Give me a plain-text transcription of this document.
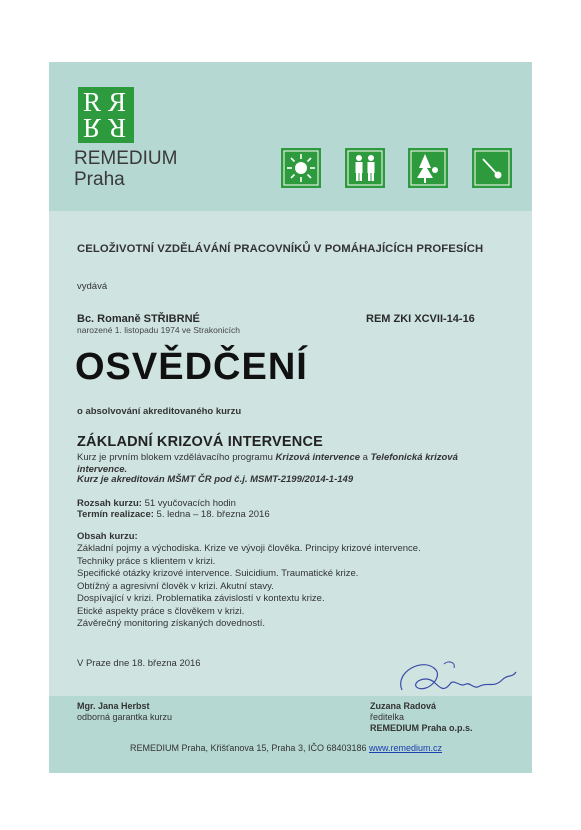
R R
R R
REMEDIUM
Praha
CELOŽIVOTNÍ VZDĚLÁVÁNÍ PRACOVNÍKŮ V POMÁHAJÍCÍCH PROFESÍCH
vydává
Bc. Romaně STŘIBRNÉ
narozené 1. listopadu 1974 ve Strakonicích
REM ZKI XCVII-14-16
OSVĚDČENÍ
o absolvování akreditovaného kurzu
ZÁKLADNÍ KRIZOVÁ INTERVENCE
Kurz je prvním blokem vzdělávacího programu Krizová intervence a Telefonická krizová intervence.
Kurz je akreditován MŠMT ČR pod č.j. MSMT-2199/2014-1-149
Rozsah kurzu: 51 vyučovacích hodin
Termín realizace: 5. ledna – 18. března 2016
Obsah kurzu:
Základní pojmy a východiska. Krize ve vývoji člověka. Principy krizové intervence.
Techniky práce s klientem v krizi.
Specifické otázky krizové intervence. Suicidium. Traumatické krize.
Obtížný a agresivní člověk v krizi. Akutní stavy.
Dospívající v krizi. Problematika závislostí v kontextu krize.
Etické aspekty práce s člověkem v krizi.
Závěrečný monitoring získaných dovedností.
V Praze dne 18. března 2016
Mgr. Jana Herbst
odborná garantka kurzu
Zuzana Radová
ředitelka
REMEDIUM Praha o.p.s.
REMEDIUM Praha, Křišťanova 15, Praha 3, IČO 68403186 www.remedium.cz
